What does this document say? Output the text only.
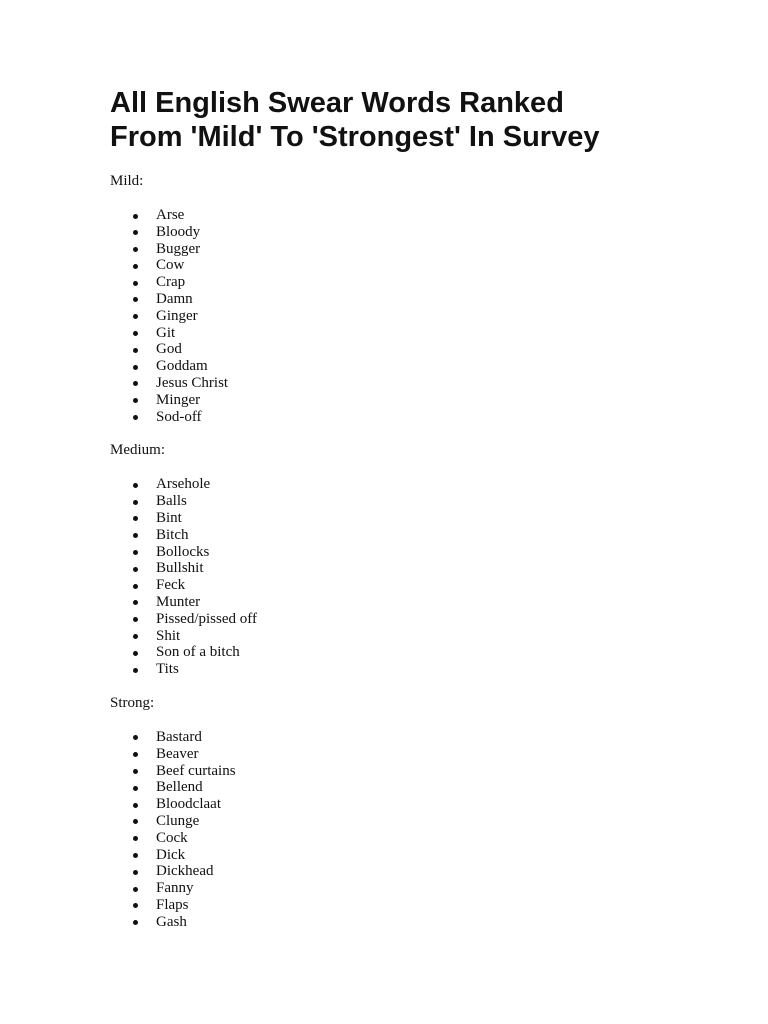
All English Swear Words Ranked
From 'Mild' To 'Strongest' In Survey

Mild:

Arse
Bloody
Bugger
Cow
Crap
Damn
Ginger
Git
God
Goddam
Jesus Christ
Minger
Sod-off

Medium:

Arsehole
Balls
Bint
Bitch
Bollocks
Bullshit
Feck
Munter
Pissed/pissed off
Shit
Son of a bitch
Tits

Strong:

Bastard
Beaver
Beef curtains
Bellend
Bloodclaat
Clunge
Cock
Dick
Dickhead
Fanny
Flaps
Gash
